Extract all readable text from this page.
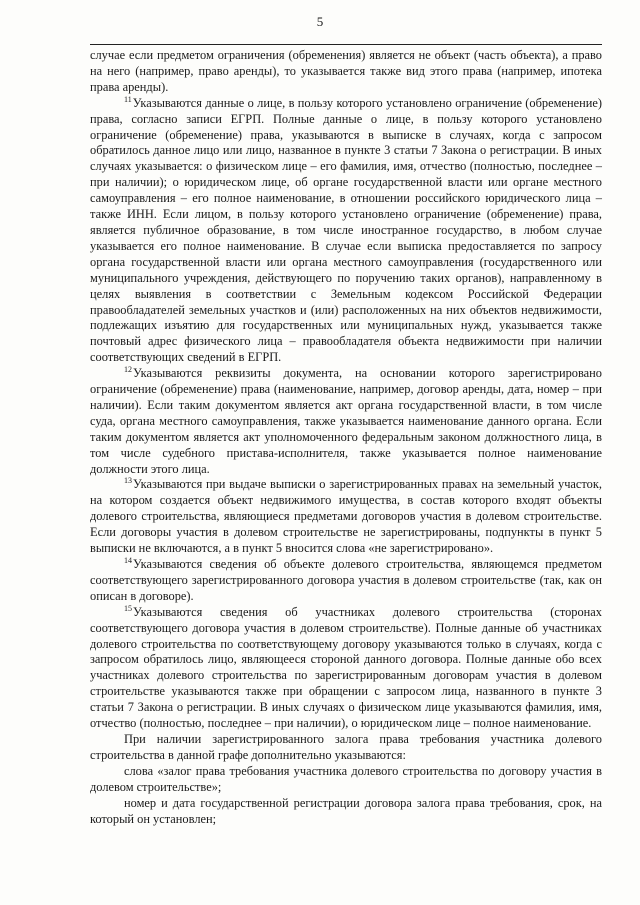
5

случае если предметом ограничения (обременения) является не объект (часть объекта), а право на него (например, право аренды), то указывается также вид этого права (например, ипотека права аренды).

$^{11}$Указываются данные о лице, в пользу которого установлено ограничение (обременение) права, согласно записи ЕГРП. Полные данные о лице, в пользу которого установлено ограничение (обременение) права, указываются в выписке в случаях, когда с запросом обратилось данное лицо или лицо, названное в пункте 3 статьи 7 Закона о регистрации. В иных случаях указывается: о физическом лице – его фамилия, имя, отчество (полностью, последнее – при наличии); о юридическом лице, об органе государственной власти или органе местного самоуправления – его полное наименование, в отношении российского юридического лица – также ИНН. Если лицом, в пользу которого установлено ограничение (обременение) права, является публичное образование, в том числе иностранное государство, в любом случае указывается его полное наименование. В случае если выписка предоставляется по запросу органа государственной власти или органа местного самоуправления (государственного или муниципального учреждения, действующего по поручению таких органов), направленному в целях выявления в соответствии с Земельным кодексом Российской Федерации правообладателей земельных участков и (или) расположенных на них объектов недвижимости, подлежащих изъятию для государственных или муниципальных нужд, указывается также почтовый адрес физического лица – правообладателя объекта недвижимости при наличии соответствующих сведений в ЕГРП.

$^{12}$Указываются реквизиты документа, на основании которого зарегистрировано ограничение (обременение) права (наименование, например, договор аренды, дата, номер – при наличии). Если таким документом является акт органа государственной власти, в том числе суда, органа местного самоуправления, также указывается наименование данного органа. Если таким документом является акт уполномоченного федеральным законом должностного лица, в том числе судебного пристава-исполнителя, также указывается полное наименование должности этого лица.

$^{13}$Указываются при выдаче выписки о зарегистрированных правах на земельный участок, на котором создается объект недвижимого имущества, в состав которого входят объекты долевого строительства, являющиеся предметами договоров участия в долевом строительстве. Если договоры участия в долевом строительстве не зарегистрированы, подпункты в пункт 5 выписки не включаются, а в пункт 5 вносится слова «не зарегистрировано».

$^{14}$Указываются сведения об объекте долевого строительства, являющемся предметом соответствующего зарегистрированного договора участия в долевом строительстве (так, как он описан в договоре).

$^{15}$Указываются сведения об участниках долевого строительства (сторонах соответствующего договора участия в долевом строительстве). Полные данные об участниках долевого строительства по соответствующему договору указываются только в случаях, когда с запросом обратилось лицо, являющееся стороной данного договора. Полные данные обо всех участниках долевого строительства по зарегистрированным договорам участия в долевом строительстве указываются также при обращении с запросом лица, названного в пункте 3 статьи 7 Закона о регистрации. В иных случаях о физическом лице указываются фамилия, имя, отчество (полностью, последнее – при наличии), о юридическом лице – полное наименование.

При наличии зарегистрированного залога права требования участника долевого строительства в данной графе дополнительно указываются:

слова «залог права требования участника долевого строительства по договору участия в долевом строительстве»;

номер и дата государственной регистрации договора залога права требования, срок, на который он установлен;
